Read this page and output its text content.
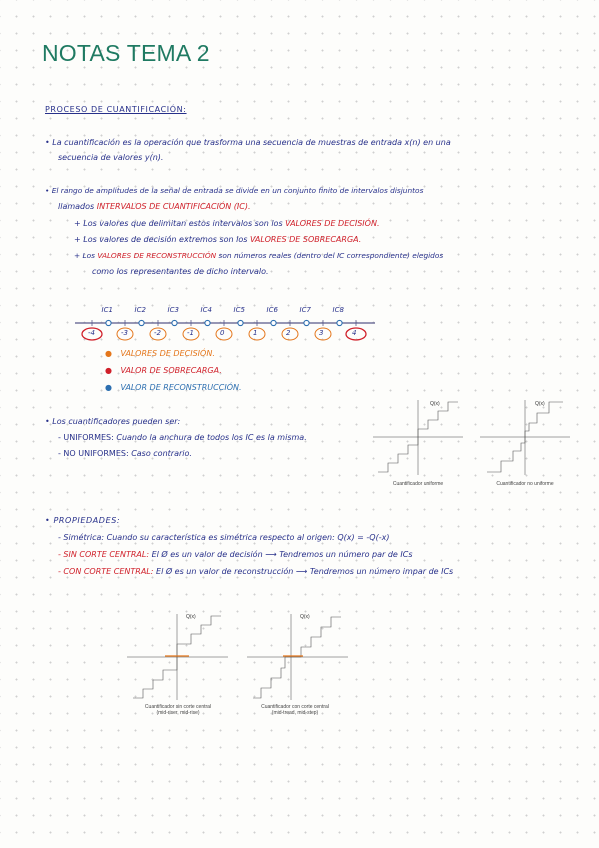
NOTAS TEMA 2
PROCESO DE CUANTIFICACIÓN:
• La cuantificación es la operación que trasforma una secuencia de muestras de entrada x(n) en una
secuencia de valores y(n).
• El rango de amplitudes de la señal de entrada se divide en un conjunto finito de intervalos disjuntos
llamados INTERVALOS DE CUANTIFICACIÓN (IC).
+ Los valores que delimitan estos intervalos son los VALORES DE DECISIÓN.
+ Los valores de decisión extremos son los VALORES DE SOBRECARGA.
+ Los VALORES DE RECONSTRUCCIÓN son números reales (dentro del IC correspondiente) elegidos
como los representantes de dicho intervalo.
-4	-3	-2	-1	0	1	2	3	4
IC1	IC2	IC3	IC4	IC5	IC6	IC7	IC8
● VALORES DE DECISIÓN.
● VALOR DE SOBRECARGA.
● VALOR DE RECONSTRUCCIÓN.
• Los cuantificadores pueden ser:
- UNIFORMES: Cuando la anchura de todos los IC es la misma.
- NO UNIFORMES: Caso contrario.
Q(x)
Cuantificador uniforme
Q(x)
Cuantificador no uniforme
• PROPIEDADES:
- Simétrica: Cuando su característica es simétrica respecto al origen: Q(x) = -Q(-x)
- SIN CORTE CENTRAL: El Ø es un valor de decisión ⟶ Tendremos un número par de ICs
- CON CORTE CENTRAL: El Ø es un valor de reconstrucción ⟶ Tendremos un número impar de ICs
Q(x)
Cuantificador sin corte central
(mid-riser, mid-rise)
Q(x)
Cuantificador con corte central
(mid-tread, mid-step)
